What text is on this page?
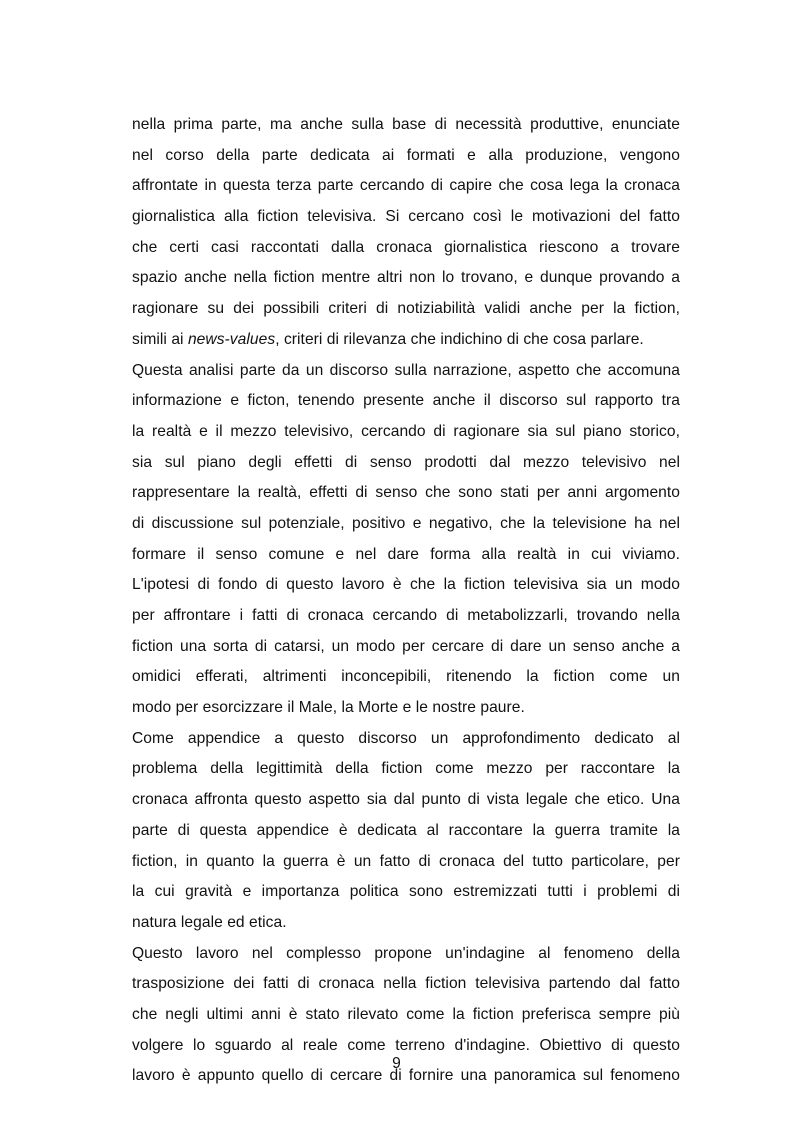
nella prima parte, ma anche sulla base di necessità produttive, enunciate
nel corso della parte dedicata ai formati e alla produzione, vengono
affrontate in questa terza parte cercando di capire che cosa lega la cronaca
giornalistica alla fiction televisiva. Si cercano così le motivazioni del fatto
che certi casi raccontati dalla cronaca giornalistica riescono a trovare
spazio anche nella fiction mentre altri non lo trovano, e dunque provando a
ragionare su dei possibili criteri di notiziabilità validi anche per la fiction,
simili ai news-values, criteri di rilevanza che indichino di che cosa parlare.
Questa analisi parte da un discorso sulla narrazione, aspetto che accomuna
informazione e ficton, tenendo presente anche il discorso sul rapporto tra
la realtà e il mezzo televisivo, cercando di ragionare sia sul piano storico,
sia sul piano degli effetti di senso prodotti dal mezzo televisivo nel
rappresentare la realtà, effetti di senso che sono stati per anni argomento
di discussione sul potenziale, positivo e negativo, che la televisione ha nel
formare il senso comune e nel dare forma alla realtà in cui viviamo.
L'ipotesi di fondo di questo lavoro è che la fiction televisiva sia un modo
per affrontare i fatti di cronaca cercando di metabolizzarli, trovando nella
fiction una sorta di catarsi, un modo per cercare di dare un senso anche a
omidici efferati, altrimenti inconcepibili, ritenendo la fiction come un
modo per esorcizzare il Male, la Morte e le nostre paure.
Come appendice a questo discorso un approfondimento dedicato al
problema della legittimità della fiction come mezzo per raccontare la
cronaca affronta questo aspetto sia dal punto di vista legale che etico. Una
parte di questa appendice è dedicata al raccontare la guerra tramite la
fiction, in quanto la guerra è un fatto di cronaca del tutto particolare, per
la cui gravità e importanza politica sono estremizzati tutti i problemi di
natura legale ed etica.
Questo lavoro nel complesso propone un'indagine al fenomeno della
trasposizione dei fatti di cronaca nella fiction televisiva partendo dal fatto
che negli ultimi anni è stato rilevato come la fiction preferisca sempre più
volgere lo sguardo al reale come terreno d'indagine. Obiettivo di questo
lavoro è appunto quello di cercare di fornire una panoramica sul fenomeno
9
